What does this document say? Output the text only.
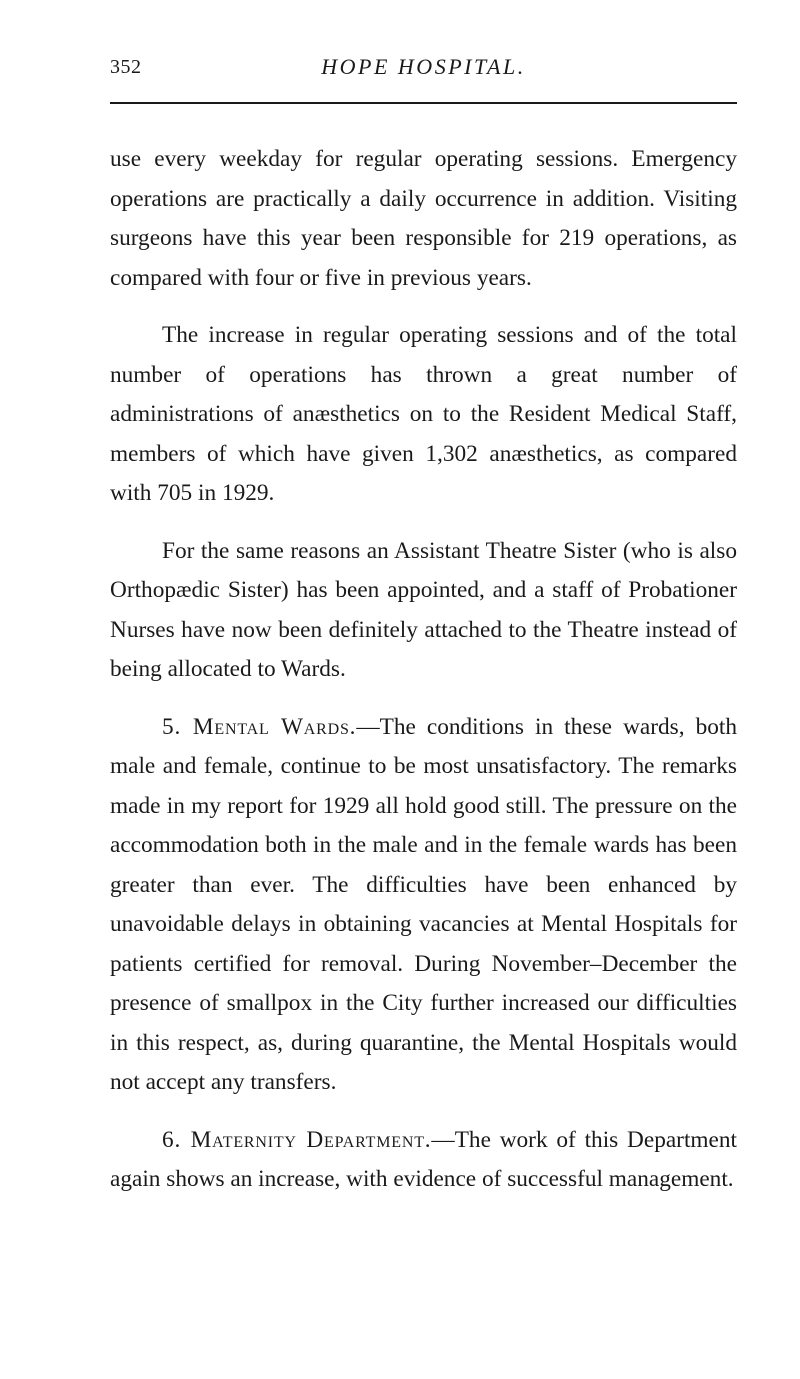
352	HOPE HOSPITAL.

use every weekday for regular operating sessions. Emergency operations are practically a daily occurrence in addition. Visiting surgeons have this year been responsible for 219 operations, as compared with four or five in previous years.

The increase in regular operating sessions and of the total number of operations has thrown a great number of administrations of anæsthetics on to the Resident Medical Staff, members of which have given 1,302 anæsthetics, as compared with 705 in 1929.

For the same reasons an Assistant Theatre Sister (who is also Orthopædic Sister) has been appointed, and a staff of Probationer Nurses have now been definitely attached to the Theatre instead of being allocated to Wards.

5. Mental Wards.—The conditions in these wards, both male and female, continue to be most unsatisfactory. The remarks made in my report for 1929 all hold good still. The pressure on the accommodation both in the male and in the female wards has been greater than ever. The difficulties have been enhanced by unavoidable delays in obtaining vacancies at Mental Hospitals for patients certified for removal. During November–December the presence of smallpox in the City further increased our difficulties in this respect, as, during quarantine, the Mental Hospitals would not accept any transfers.

6. Maternity Department.—The work of this Department again shows an increase, with evidence of successful management.
